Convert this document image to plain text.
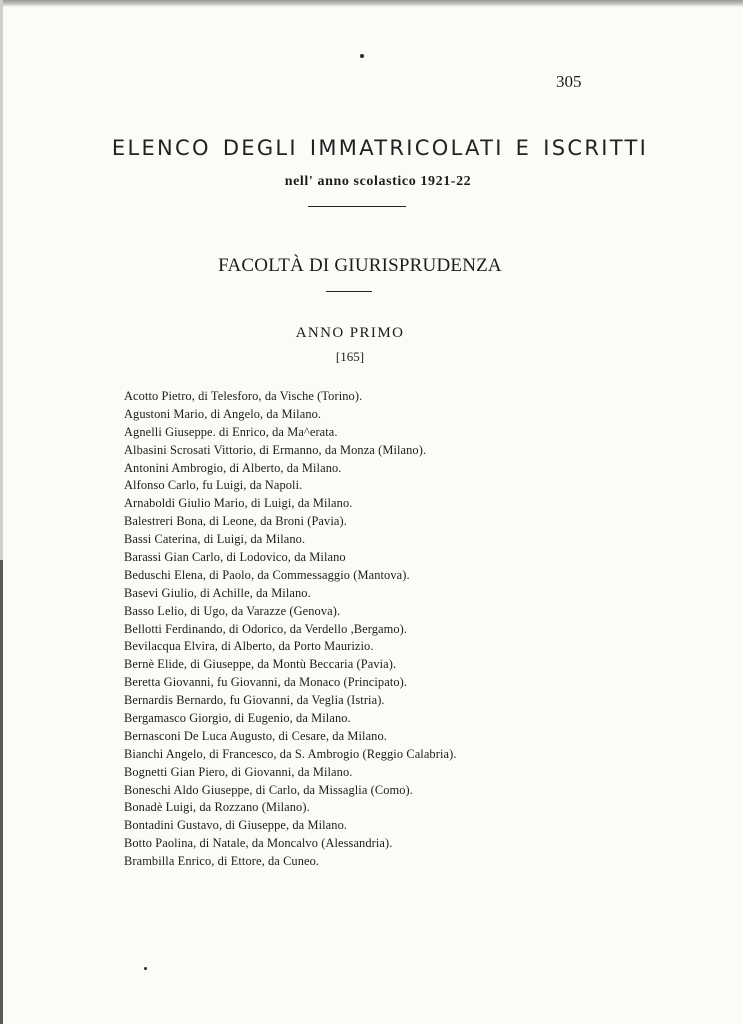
305
ELENCO DEGLI IMMATRICOLATI E ISCRITTI
nell' anno scolastico 1921-22
FACOLTÀ DI GIURISPRUDENZA
ANNO PRIMO
[165]
Acotto Pietro, di Telesforo, da Vische (Torino).
Agustoni Mario, di Angelo, da Milano.
Agnelli Giuseppe. di Enrico, da Ma^erata.
Albasini Scrosati Vittorio, di Ermanno, da Monza (Milano).
Antonini Ambrogio, di Alberto, da Milano.
Alfonso Carlo, fu Luigi, da Napoli.
Arnaboldi Giulio Mario, di Luigi, da Milano.
Balestreri Bona, di Leone, da Broni (Pavia).
Bassi Caterina, di Luigi, da Milano.
Barassi Gian Carlo, di Lodovico, da Milano
Beduschi Elena, di Paolo, da Commessaggio (Mantova).
Basevi Giulio, di Achille, da Milano.
Basso Lelio, di Ugo, da Varazze (Genova).
Bellotti Ferdinando, di Odorico, da Verdello ,Bergamo).
Bevilacqua Elvira, di Alberto, da Porto Maurizio.
Bernè Elide, di Giuseppe, da Montù Beccaria (Pavia).
Beretta Giovanni, fu Giovanni, da Monaco (Principato).
Bernardis Bernardo, fu Giovanni, da Veglia (Istria).
Bergamasco Giorgio, di Eugenio, da Milano.
Bernasconi De Luca Augusto, di Cesare, da Milano.
Bianchi Angelo, di Francesco, da S. Ambrogio (Reggio Calabria).
Bognetti Gian Piero, di Giovanni, da Milano.
Boneschi Aldo Giuseppe, di Carlo, da Missaglia (Como).
Bonadè Luigi, da Rozzano (Milano).
Bontadini Gustavo, di Giuseppe, da Milano.
Botto Paolina, di Natale, da Moncalvo (Alessandria).
Brambilla Enrico, di Ettore, da Cuneo.
